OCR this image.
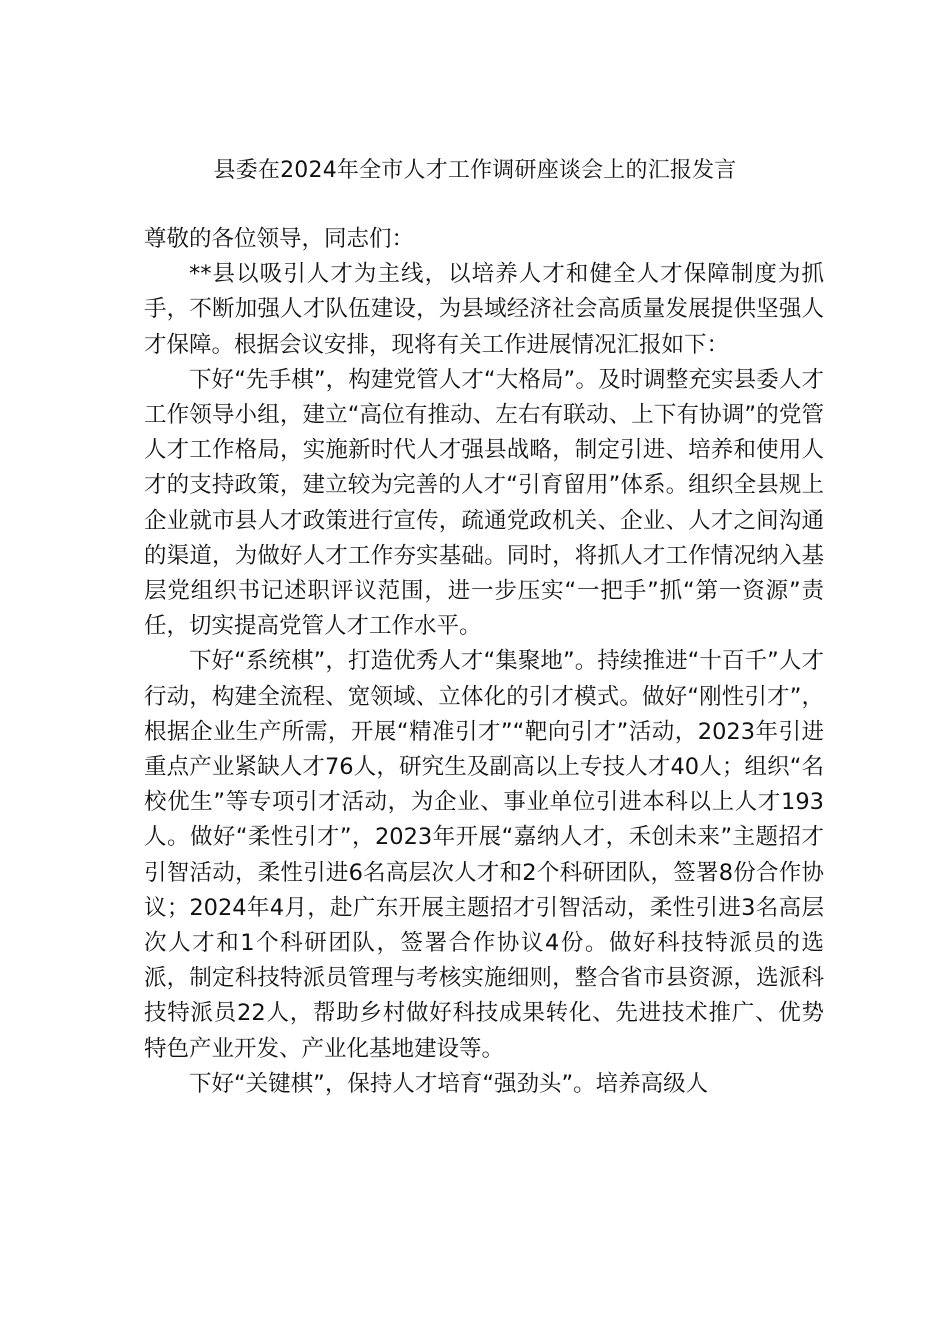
县委在2024年全市人才工作调研座谈会上的汇报发言

尊敬的各位领导，同志们：

**县以吸引人才为主线，以培养人才和健全人才保障制度为抓手，不断加强人才队伍建设，为县域经济社会高质量发展提供坚强人才保障。根据会议安排，现将有关工作进展情况汇报如下：

下好“先手棋”，构建党管人才“大格局”。及时调整充实县委人才工作领导小组，建立“高位有推动、左右有联动、上下有协调”的党管人才工作格局，实施新时代人才强县战略，制定引进、培养和使用人才的支持政策，建立较为完善的人才“引育留用”体系。组织全县规上企业就市县人才政策进行宣传，疏通党政机关、企业、人才之间沟通的渠道，为做好人才工作夯实基础。同时，将抓人才工作情况纳入基层党组织书记述职评议范围，进一步压实“一把手”抓“第一资源”责任，切实提高党管人才工作水平。

下好“系统棋”，打造优秀人才“集聚地”。持续推进“十百千”人才行动，构建全流程、宽领域、立体化的引才模式。做好“刚性引才”，根据企业生产所需，开展“精准引才”“靶向引才”活动，2023年引进重点产业紧缺人才76人，研究生及副高以上专技人才40人；组织“名校优生”等专项引才活动，为企业、事业单位引进本科以上人才193人。做好“柔性引才”，2023年开展“嘉纳人才，禾创未来”主题招才引智活动，柔性引进6名高层次人才和2个科研团队，签署8份合作协议；2024年4月，赴广东开展主题招才引智活动，柔性引进3名高层次人才和1个科研团队，签署合作协议4份。做好科技特派员的选派，制定科技特派员管理与考核实施细则，整合省市县资源，选派科技特派员22人，帮助乡村做好科技成果转化、先进技术推广、优势特色产业开发、产业化基地建设等。

下好“关键棋”，保持人才培育“强劲头”。培养高级人
